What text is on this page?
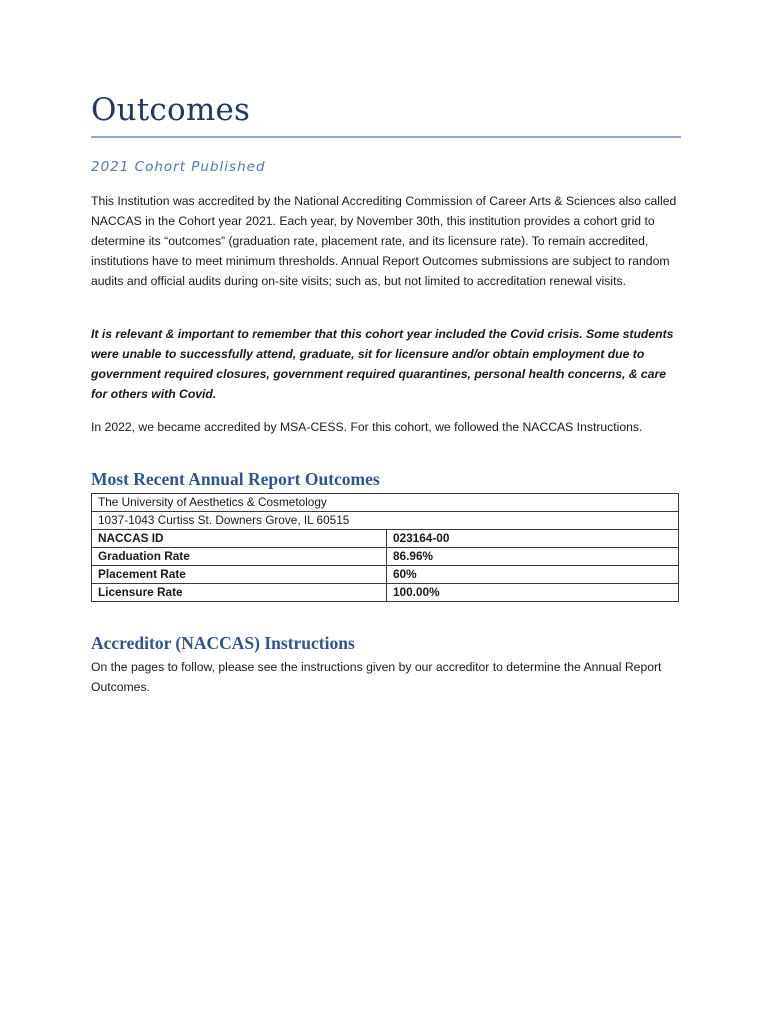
Outcomes

2021 Cohort Published

This Institution was accredited by the National Accrediting Commission of Career Arts & Sciences also called NACCAS in the Cohort year 2021. Each year, by November 30th, this institution provides a cohort grid to determine its “outcomes” (graduation rate, placement rate, and its licensure rate). To remain accredited, institutions have to meet minimum thresholds. Annual Report Outcomes submissions are subject to random audits and official audits during on-site visits; such as, but not limited to accreditation renewal visits.

It is relevant & important to remember that this cohort year included the Covid crisis. Some students were unable to successfully attend, graduate, sit for licensure and/or obtain employment due to government required closures, government required quarantines, personal health concerns, & care for others with Covid.

In 2022, we became accredited by MSA-CESS. For this cohort, we followed the NACCAS Instructions.

Most Recent Annual Report Outcomes
The University of Aesthetics & Cosmetology	
1037-1043 Curtiss St. Downers Grove, IL 60515	
NACCAS ID	023164-00
Graduation Rate	86.96%
Placement Rate	60%
Licensure Rate	100.00%
Accreditor (NACCAS) Instructions

On the pages to follow, please see the instructions given by our accreditor to determine the Annual Report Outcomes.
